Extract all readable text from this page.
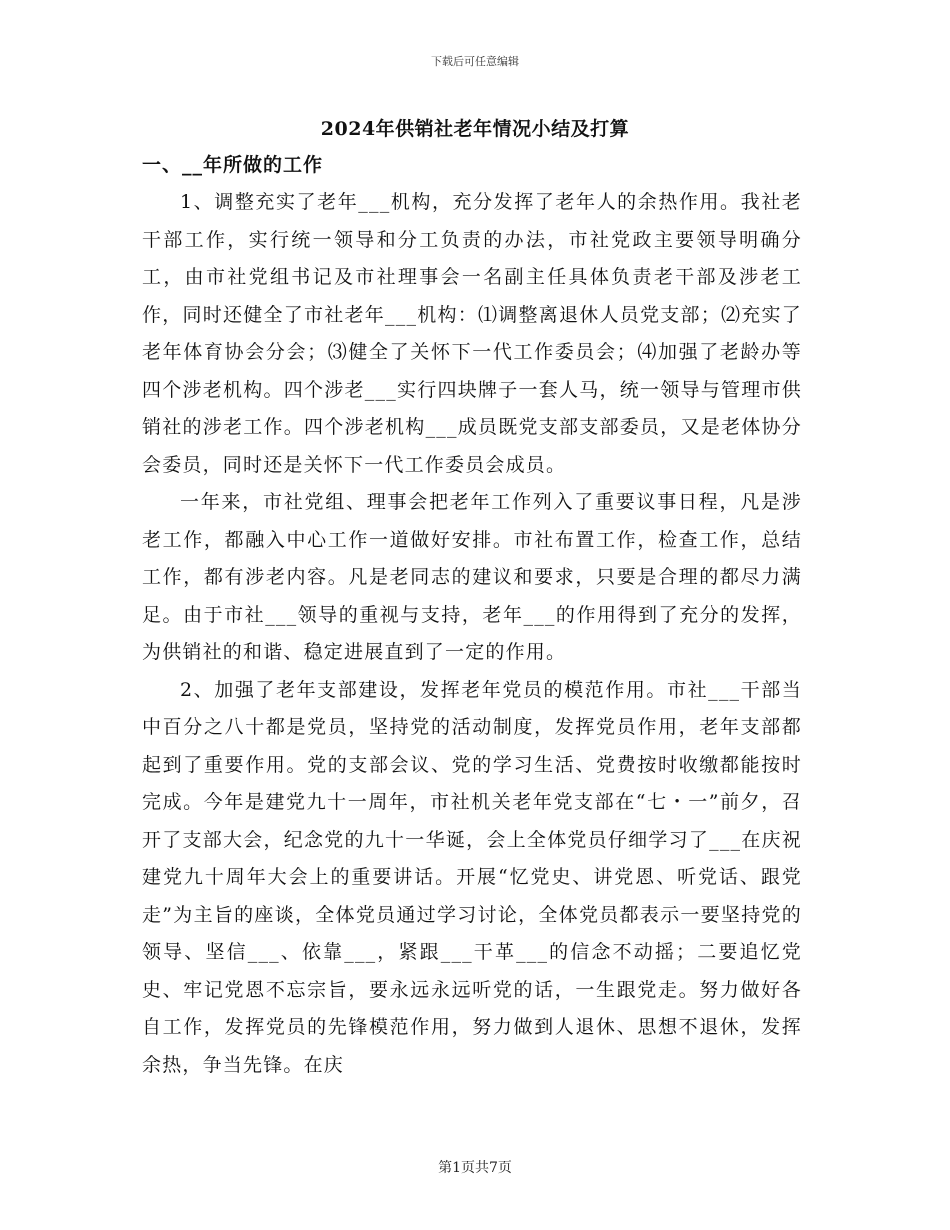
下载后可任意编辑
2024年供销社老年情况小结及打算
一、__年所做的工作

1、调整充实了老年___机构，充分发挥了老年人的余热作用。我社老干部工作，实行统一领导和分工负责的办法，市社党政主要领导明确分工，由市社党组书记及市社理事会一名副主任具体负责老干部及涉老工作，同时还健全了市社老年___机构：⑴调整离退休人员党支部；⑵充实了老年体育协会分会；⑶健全了关怀下一代工作委员会；⑷加强了老龄办等四个涉老机构。四个涉老___实行四块牌子一套人马，统一领导与管理市供销社的涉老工作。四个涉老机构___成员既党支部支部委员，又是老体协分会委员，同时还是关怀下一代工作委员会成员。

一年来，市社党组、理事会把老年工作列入了重要议事日程，凡是涉老工作，都融入中心工作一道做好安排。市社布置工作，检查工作，总结工作，都有涉老内容。凡是老同志的建议和要求，只要是合理的都尽力满足。由于市社___领导的重视与支持，老年___的作用得到了充分的发挥，为供销社的和谐、稳定进展直到了一定的作用。

2、加强了老年支部建设，发挥老年党员的模范作用。市社___干部当中百分之八十都是党员，坚持党的活动制度，发挥党员作用，老年支部都起到了重要作用。党的支部会议、党的学习生活、党费按时收缴都能按时完成。今年是建党九十一周年，市社机关老年党支部在“七・一”前夕，召开了支部大会，纪念党的九十一华诞，会上全体党员仔细学习了___在庆祝建党九十周年大会上的重要讲话。开展“忆党史、讲党恩、听党话、跟党走”为主旨的座谈，全体党员通过学习讨论，全体党员都表示一要坚持党的领导、坚信___、依靠___，紧跟___干革___的信念不动摇；二要追忆党史、牢记党恩不忘宗旨，要永远永远听党的话，一生跟党走。努力做好各自工作，发挥党员的先锋模范作用，努力做到人退休、思想不退休，发挥余热，争当先锋。在庆

第1页共7页
